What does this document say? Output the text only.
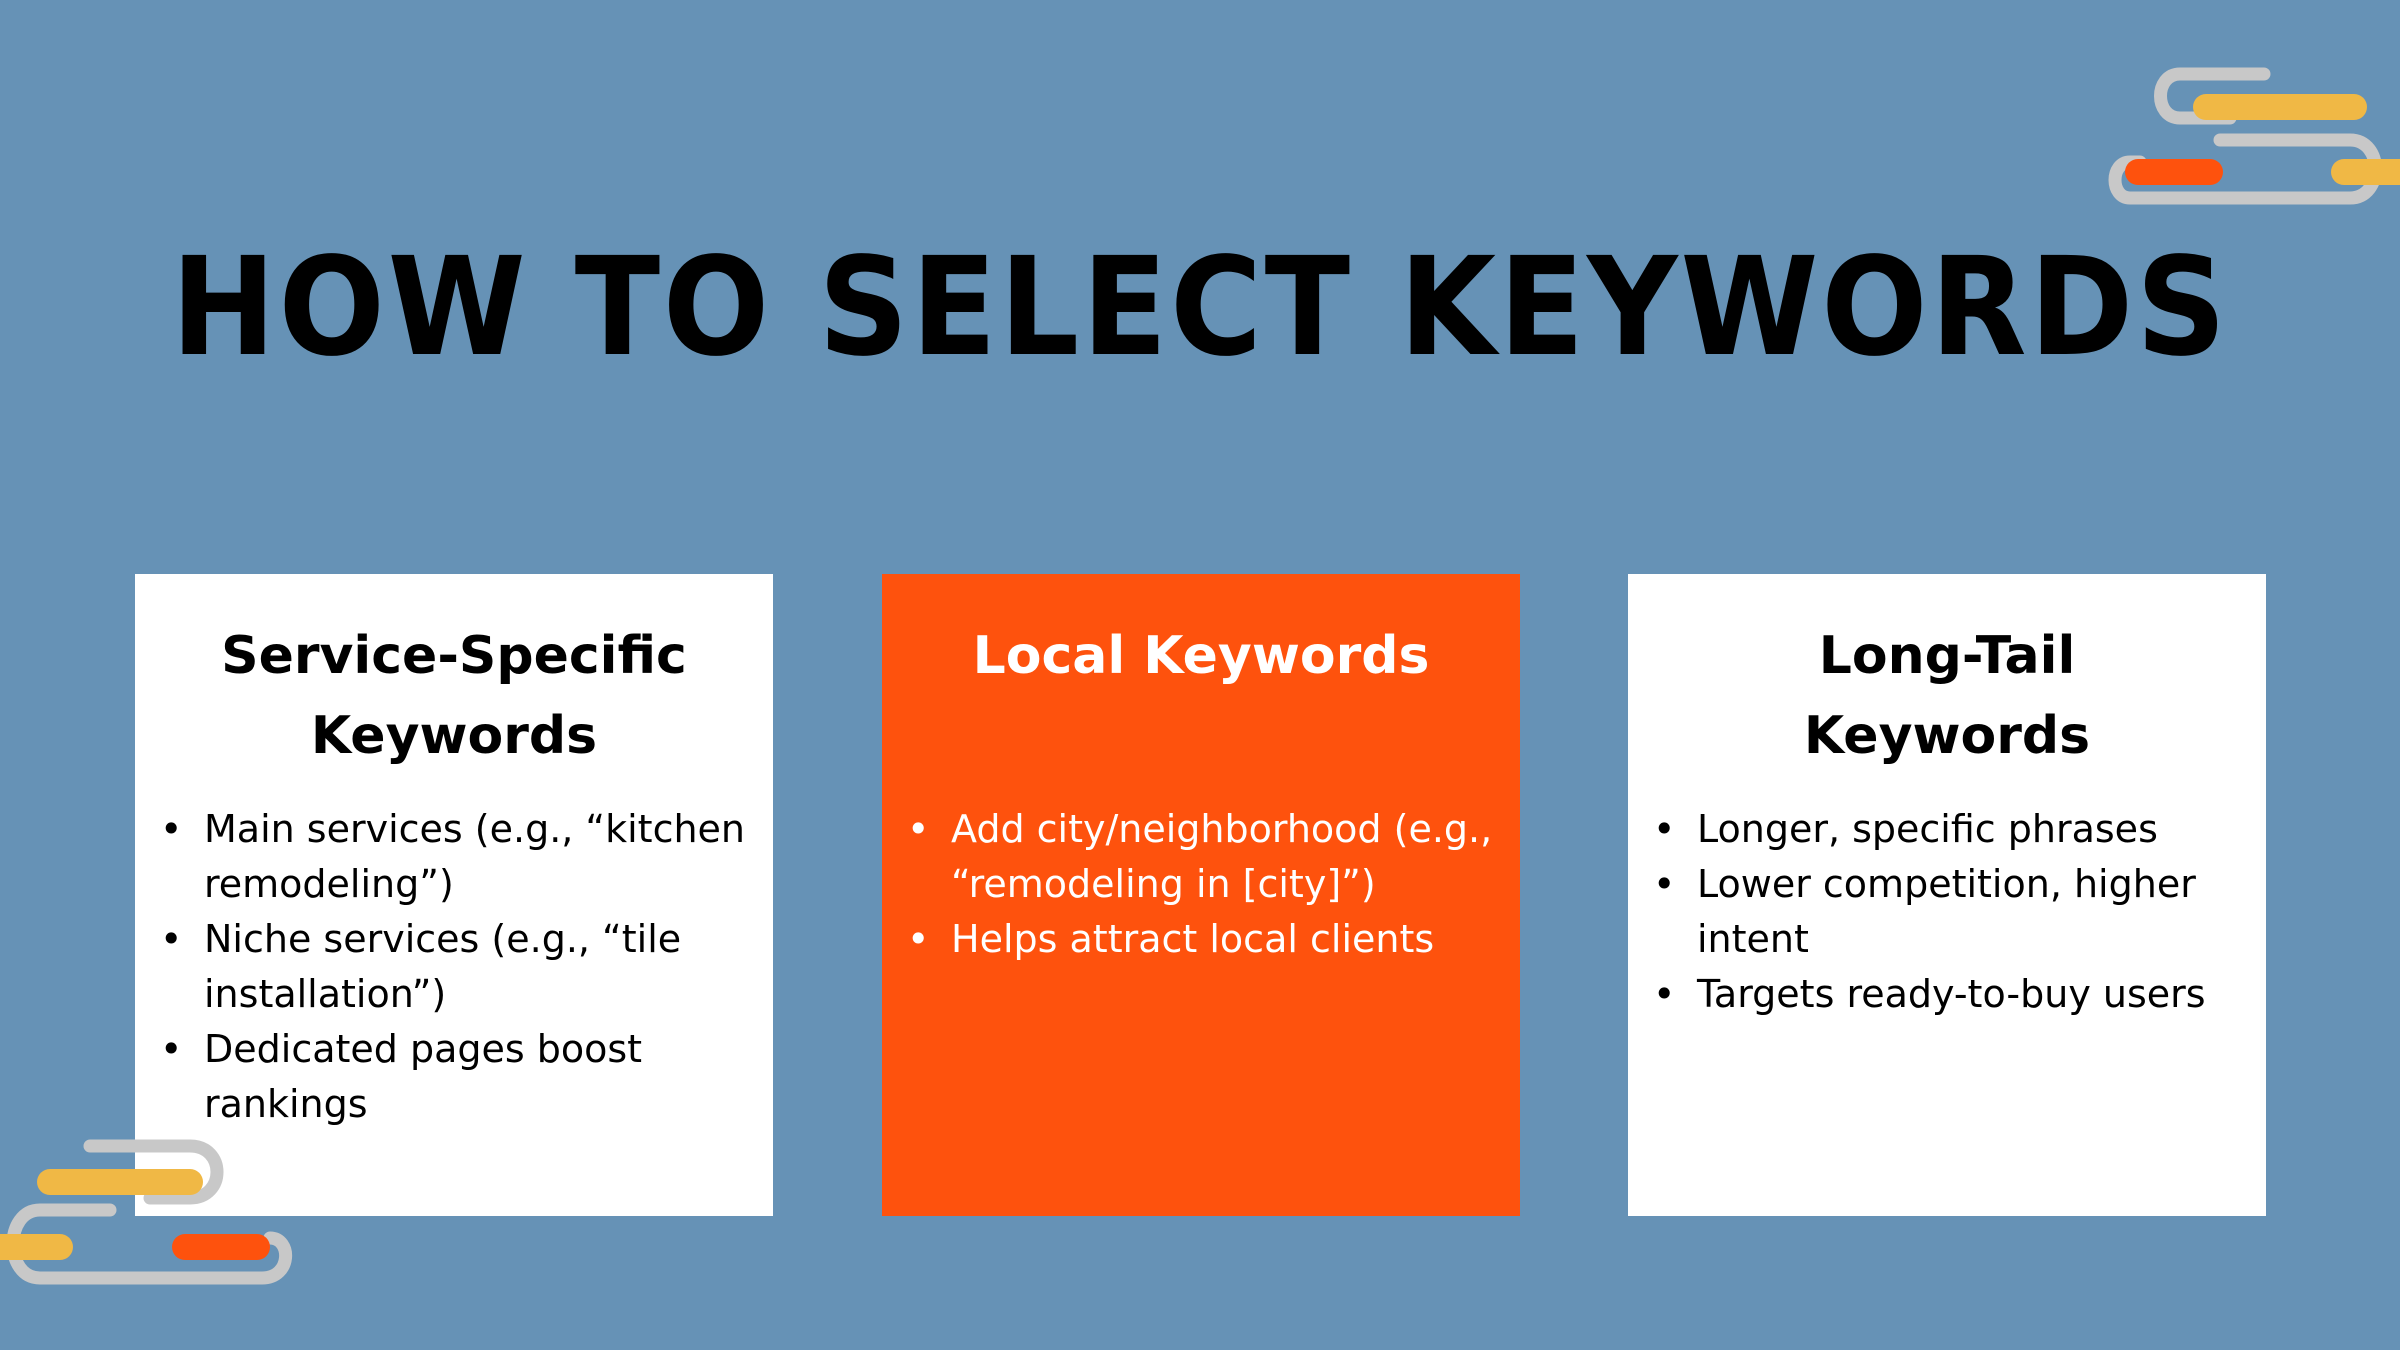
HOW TO SELECT KEYWORDS
Service-Specific Keywords
• Main services (e.g., “kitchen remodeling”)
• Niche services (e.g., “tile installation”)
• Dedicated pages boost rankings
Local Keywords
• Add city/neighborhood (e.g., “remodeling in [city]”)
• Helps attract local clients
Long-Tail Keywords
• Longer, specific phrases
• Lower competition, higher intent
• Targets ready-to-buy users
